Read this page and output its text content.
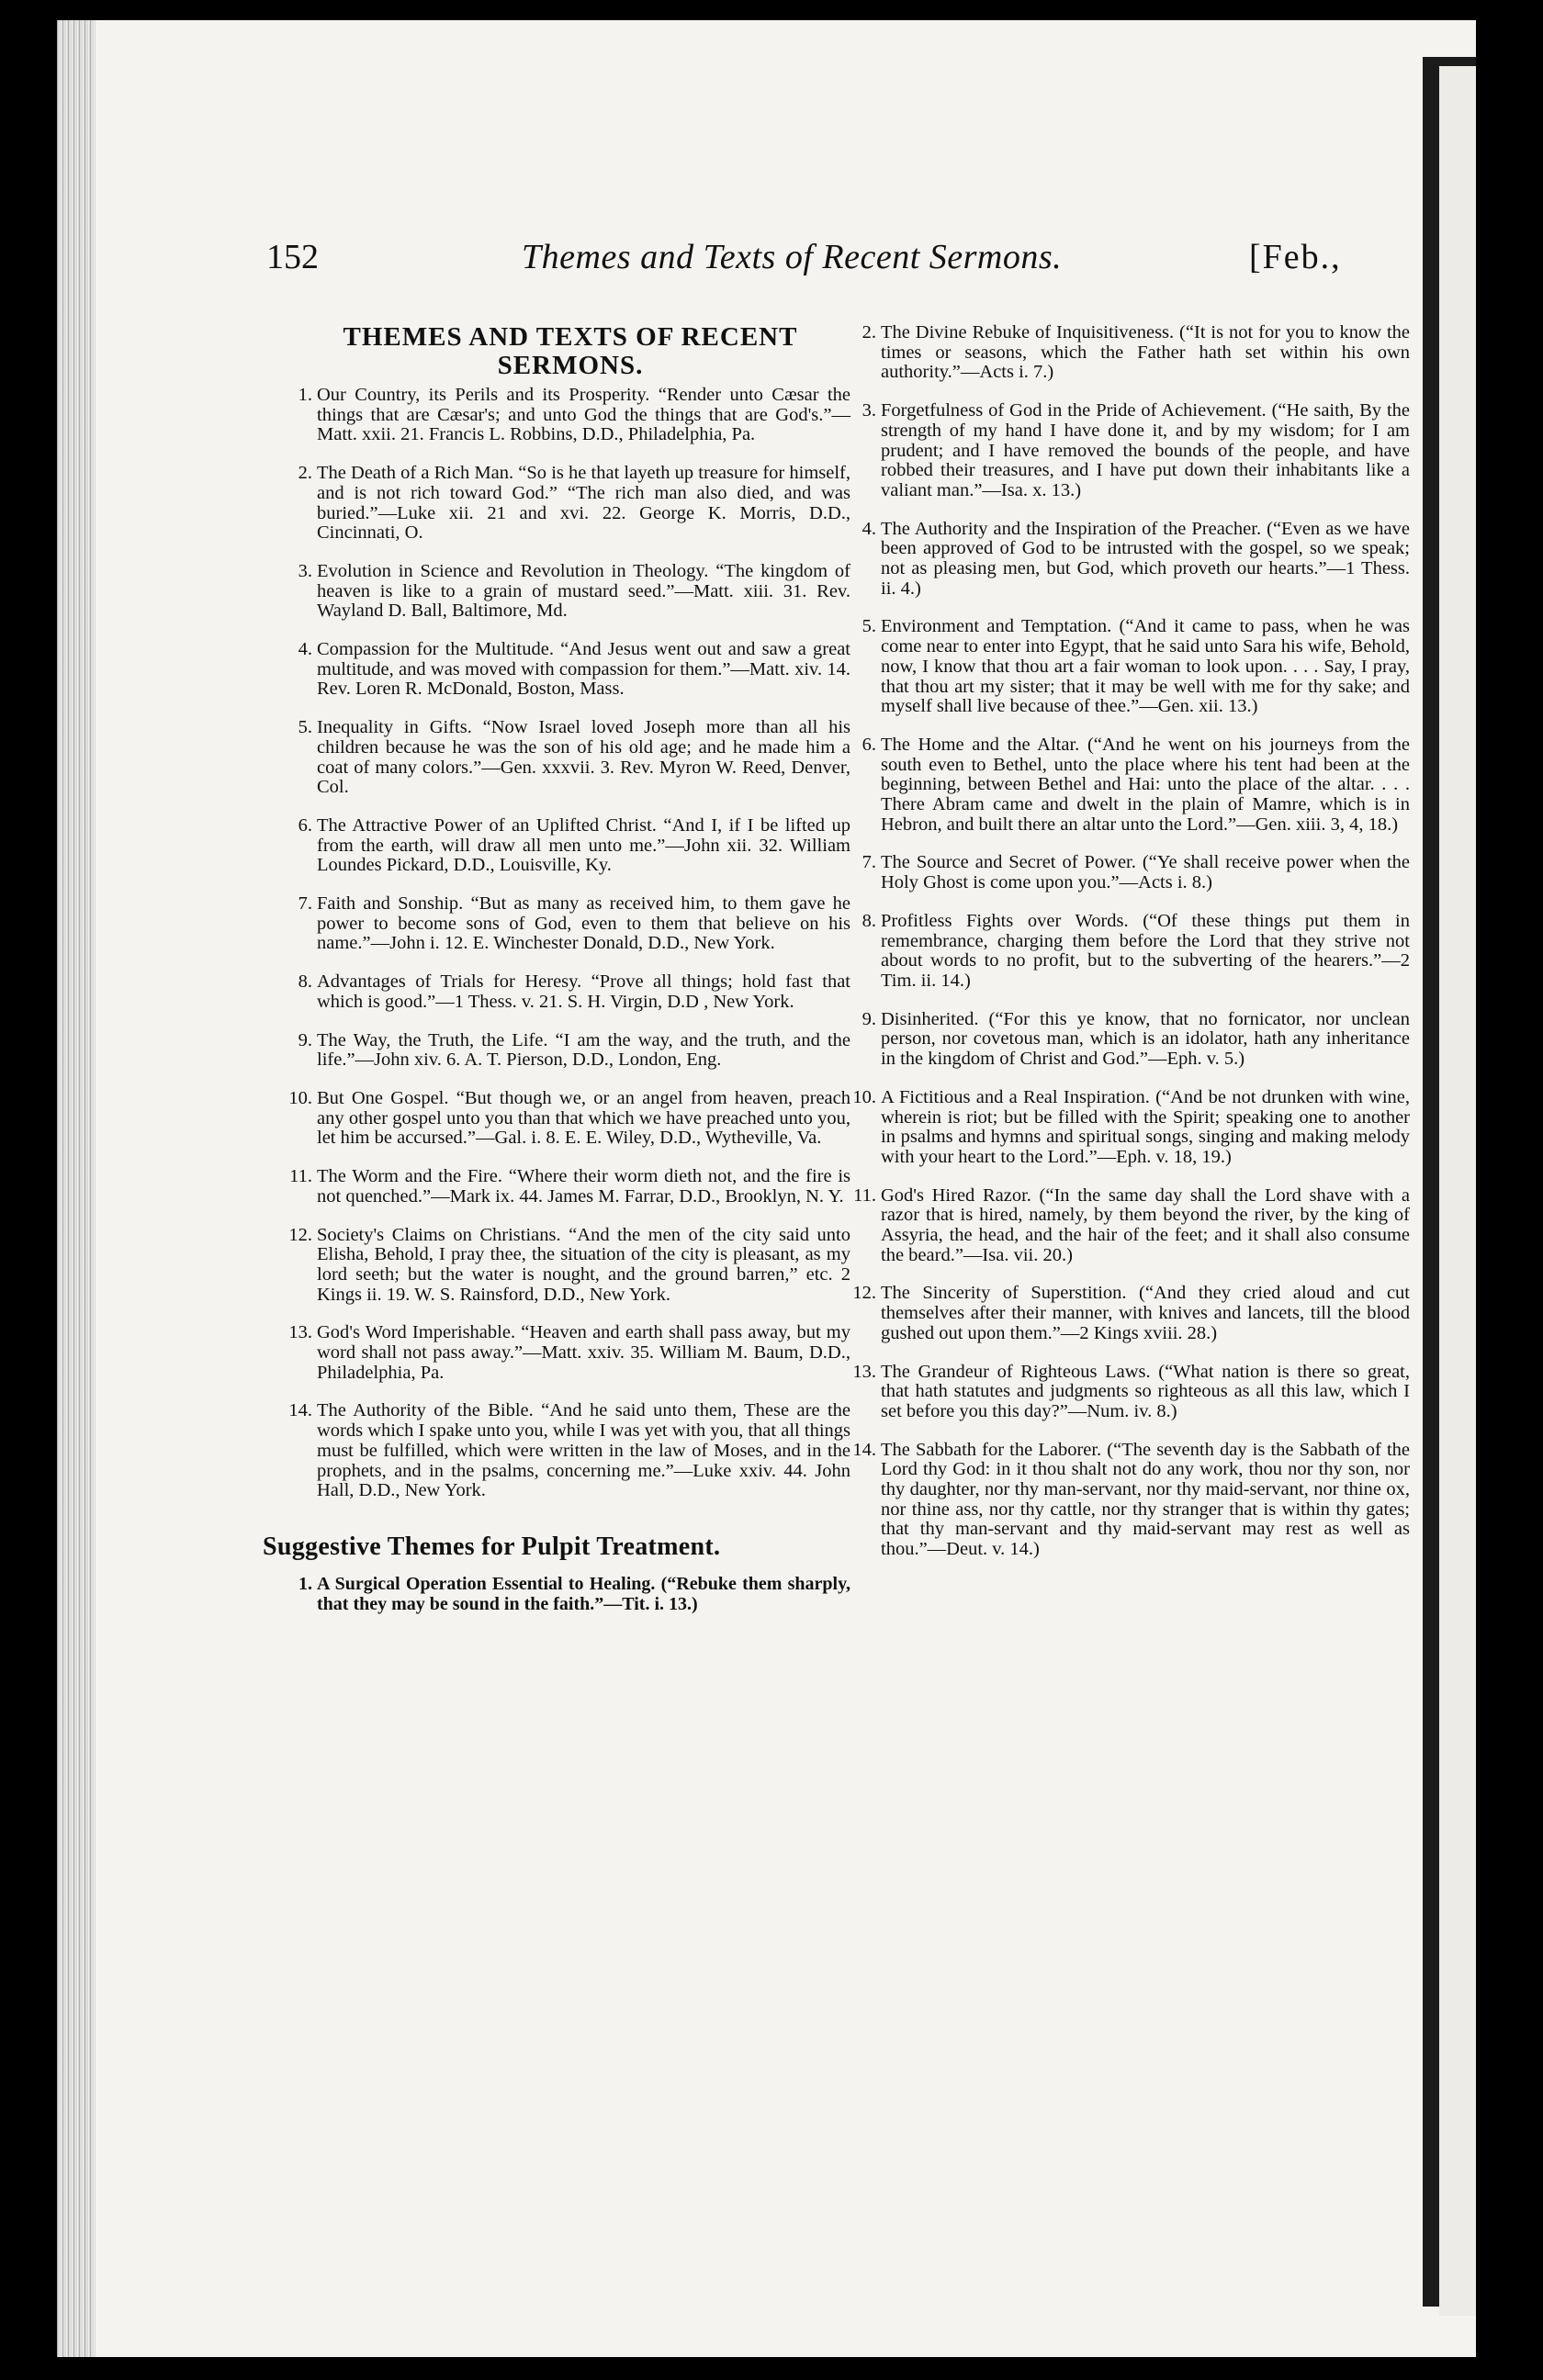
152	Themes and Texts of Recent Sermons.	[Feb.,
THEMES AND TEXTS OF RECENT SERMONS.
1. Our Country, its Perils and its Prosperity. “Render unto Cæsar the things that are Cæsar's; and unto God the things that are God's.”—Matt. xxii. 21. Francis L. Robbins, D.D., Philadelphia, Pa.
2. The Death of a Rich Man. “So is he that layeth up treasure for himself, and is not rich toward God.” “The rich man also died, and was buried.”—Luke xii. 21 and xvi. 22. George K. Morris, D.D., Cincinnati, O.
3. Evolution in Science and Revolution in Theology. “The kingdom of heaven is like to a grain of mustard seed.”—Matt. xiii. 31. Rev. Wayland D. Ball, Baltimore, Md.
4. Compassion for the Multitude. “And Jesus went out and saw a great multitude, and was moved with compassion for them.”—Matt. xiv. 14. Rev. Loren R. McDonald, Boston, Mass.
5. Inequality in Gifts. “Now Israel loved Joseph more than all his children because he was the son of his old age; and he made him a coat of many colors.”—Gen. xxxvii. 3. Rev. Myron W. Reed, Denver, Col.
6. The Attractive Power of an Uplifted Christ. “And I, if I be lifted up from the earth, will draw all men unto me.”—John xii. 32. William Loundes Pickard, D.D., Louisville, Ky.
7. Faith and Sonship. “But as many as received him, to them gave he power to become sons of God, even to them that believe on his name.”—John i. 12. E. Winchester Donald, D.D., New York.
8. Advantages of Trials for Heresy. “Prove all things; hold fast that which is good.”—1 Thess. v. 21. S. H. Virgin, D.D , New York.
9. The Way, the Truth, the Life. “I am the way, and the truth, and the life.”—John xiv. 6. A. T. Pierson, D.D., London, Eng.
10. But One Gospel. “But though we, or an angel from heaven, preach any other gospel unto you than that which we have preached unto you, let him be accursed.”—Gal. i. 8. E. E. Wiley, D.D., Wytheville, Va.
11. The Worm and the Fire. “Where their worm dieth not, and the fire is not quenched.”—Mark ix. 44. James M. Farrar, D.D., Brooklyn, N. Y.
12. Society's Claims on Christians. “And the men of the city said unto Elisha, Behold, I pray thee, the situation of the city is pleasant, as my lord seeth; but the water is nought, and the ground barren,” etc. 2 Kings ii. 19. W. S. Rainsford, D.D., New York.
13. God's Word Imperishable. “Heaven and earth shall pass away, but my word shall not pass away.”—Matt. xxiv. 35. William M. Baum, D.D., Philadelphia, Pa.
14. The Authority of the Bible. “And he said unto them, These are the words which I spake unto you, while I was yet with you, that all things must be fulfilled, which were written in the law of Moses, and in the prophets, and in the psalms, concerning me.”—Luke xxiv. 44. John Hall, D.D., New York.
Suggestive Themes for Pulpit Treatment.
1. A Surgical Operation Essential to Healing. (“Rebuke them sharply, that they may be sound in the faith.”—Tit. i. 13.)
2. The Divine Rebuke of Inquisitiveness. (“It is not for you to know the times or seasons, which the Father hath set within his own authority.”—Acts i. 7.)
3. Forgetfulness of God in the Pride of Achievement. (“He saith, By the strength of my hand I have done it, and by my wisdom; for I am prudent; and I have removed the bounds of the people, and have robbed their treasures, and I have put down their inhabitants like a valiant man.”—Isa. x. 13.)
4. The Authority and the Inspiration of the Preacher. (“Even as we have been approved of God to be intrusted with the gospel, so we speak; not as pleasing men, but God, which proveth our hearts.”—1 Thess. ii. 4.)
5. Environment and Temptation. (“And it came to pass, when he was come near to enter into Egypt, that he said unto Sara his wife, Behold, now, I know that thou art a fair woman to look upon. . . . Say, I pray, that thou art my sister; that it may be well with me for thy sake; and myself shall live because of thee.”—Gen. xii. 13.)
6. The Home and the Altar. (“And he went on his journeys from the south even to Bethel, unto the place where his tent had been at the beginning, between Bethel and Hai: unto the place of the altar. . . . There Abram came and dwelt in the plain of Mamre, which is in Hebron, and built there an altar unto the Lord.”—Gen. xiii. 3, 4, 18.)
7. The Source and Secret of Power. (“Ye shall receive power when the Holy Ghost is come upon you.”—Acts i. 8.)
8. Profitless Fights over Words. (“Of these things put them in remembrance, charging them before the Lord that they strive not about words to no profit, but to the subverting of the hearers.”—2 Tim. ii. 14.)
9. Disinherited. (“For this ye know, that no fornicator, nor unclean person, nor covetous man, which is an idolator, hath any inheritance in the kingdom of Christ and God.”—Eph. v. 5.)
10. A Fictitious and a Real Inspiration. (“And be not drunken with wine, wherein is riot; but be filled with the Spirit; speaking one to another in psalms and hymns and spiritual songs, singing and making melody with your heart to the Lord.”—Eph. v. 18, 19.)
11. God's Hired Razor. (“In the same day shall the Lord shave with a razor that is hired, namely, by them beyond the river, by the king of Assyria, the head, and the hair of the feet; and it shall also consume the beard.”—Isa. vii. 20.)
12. The Sincerity of Superstition. (“And they cried aloud and cut themselves after their manner, with knives and lancets, till the blood gushed out upon them.”—2 Kings xviii. 28.)
13. The Grandeur of Righteous Laws. (“What nation is there so great, that hath statutes and judgments so righteous as all this law, which I set before you this day?”—Num. iv. 8.)
14. The Sabbath for the Laborer. (“The seventh day is the Sabbath of the Lord thy God: in it thou shalt not do any work, thou nor thy son, nor thy daughter, nor thy man-servant, nor thy maid-servant, nor thine ox, nor thine ass, nor thy cattle, nor thy stranger that is within thy gates; that thy man-servant and thy maid-servant may rest as well as thou.”—Deut. v. 14.)
